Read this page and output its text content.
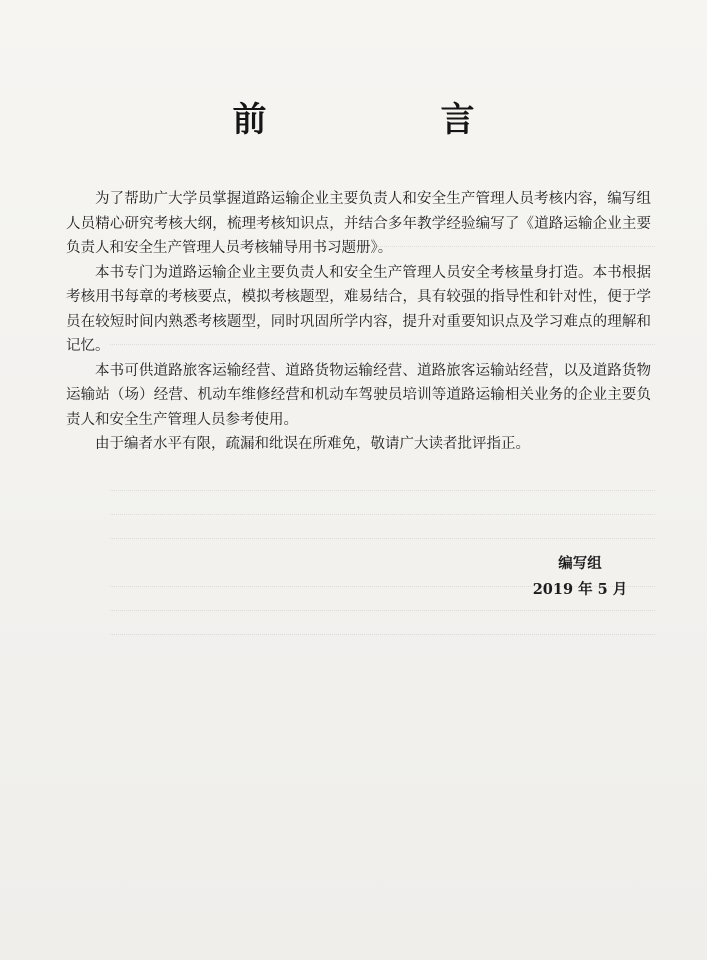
前　言

为了帮助广大学员掌握道路运输企业主要负责人和安全生产管理人员考核内容，编写组人员精心研究考核大纲，梳理考核知识点，并结合多年教学经验编写了《道路运输企业主要负责人和安全生产管理人员考核辅导用书习题册》。

本书专门为道路运输企业主要负责人和安全生产管理人员安全考核量身打造。本书根据考核用书每章的考核要点，模拟考核题型，难易结合，具有较强的指导性和针对性，便于学员在较短时间内熟悉考核题型，同时巩固所学内容，提升对重要知识点及学习难点的理解和记忆。

本书可供道路旅客运输经营、道路货物运输经营、道路旅客运输站经营，以及道路货物运输站（场）经营、机动车维修经营和机动车驾驶员培训等道路运输相关业务的企业主要负责人和安全生产管理人员参考使用。

由于编者水平有限，疏漏和纰误在所难免，敬请广大读者批评指正。

编写组
2019 年 5 月
